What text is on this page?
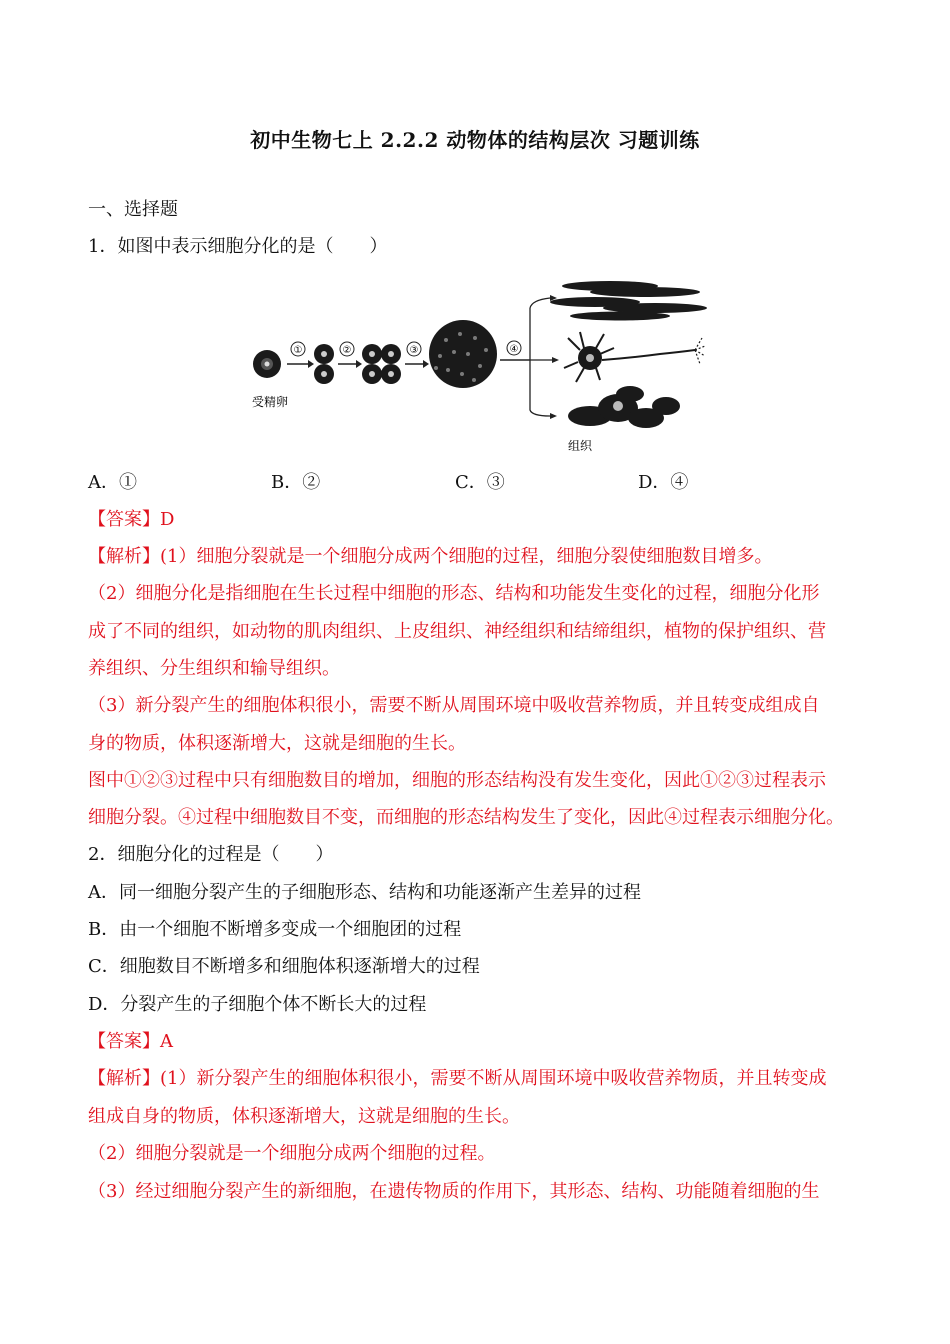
初中生物七上 2.2.2 动物体的结构层次 习题训练
一、选择题
1．如图中表示细胞分化的是（　　）
①	②	③	④
受精卵
组织
A．①	B．②	C．③	D．④
【答案】D
【解析】(1）细胞分裂就是一个细胞分成两个细胞的过程，细胞分裂使细胞数目增多。
（2）细胞分化是指细胞在生长过程中细胞的形态、结构和功能发生变化的过程，细胞分化形
成了不同的组织，如动物的肌肉组织、上皮组织、神经组织和结缔组织，植物的保护组织、营
养组织、分生组织和输导组织。
（3）新分裂产生的细胞体积很小，需要不断从周围环境中吸收营养物质，并且转变成组成自
身的物质，体积逐渐增大，这就是细胞的生长。
图中①②③过程中只有细胞数目的增加，细胞的形态结构没有发生变化，因此①②③过程表示
细胞分裂。④过程中细胞数目不变，而细胞的形态结构发生了变化，因此④过程表示细胞分化。
2．细胞分化的过程是（　　）
A．同一细胞分裂产生的子细胞形态、结构和功能逐渐产生差异的过程
B．由一个细胞不断增多变成一个细胞团的过程
C．细胞数目不断增多和细胞体积逐渐增大的过程
D．分裂产生的子细胞个体不断长大的过程
【答案】A
【解析】(1）新分裂产生的细胞体积很小，需要不断从周围环境中吸收营养物质，并且转变成
组成自身的物质，体积逐渐增大，这就是细胞的生长。
（2）细胞分裂就是一个细胞分成两个细胞的过程。
（3）经过细胞分裂产生的新细胞，在遗传物质的作用下，其形态、结构、功能随着细胞的生
